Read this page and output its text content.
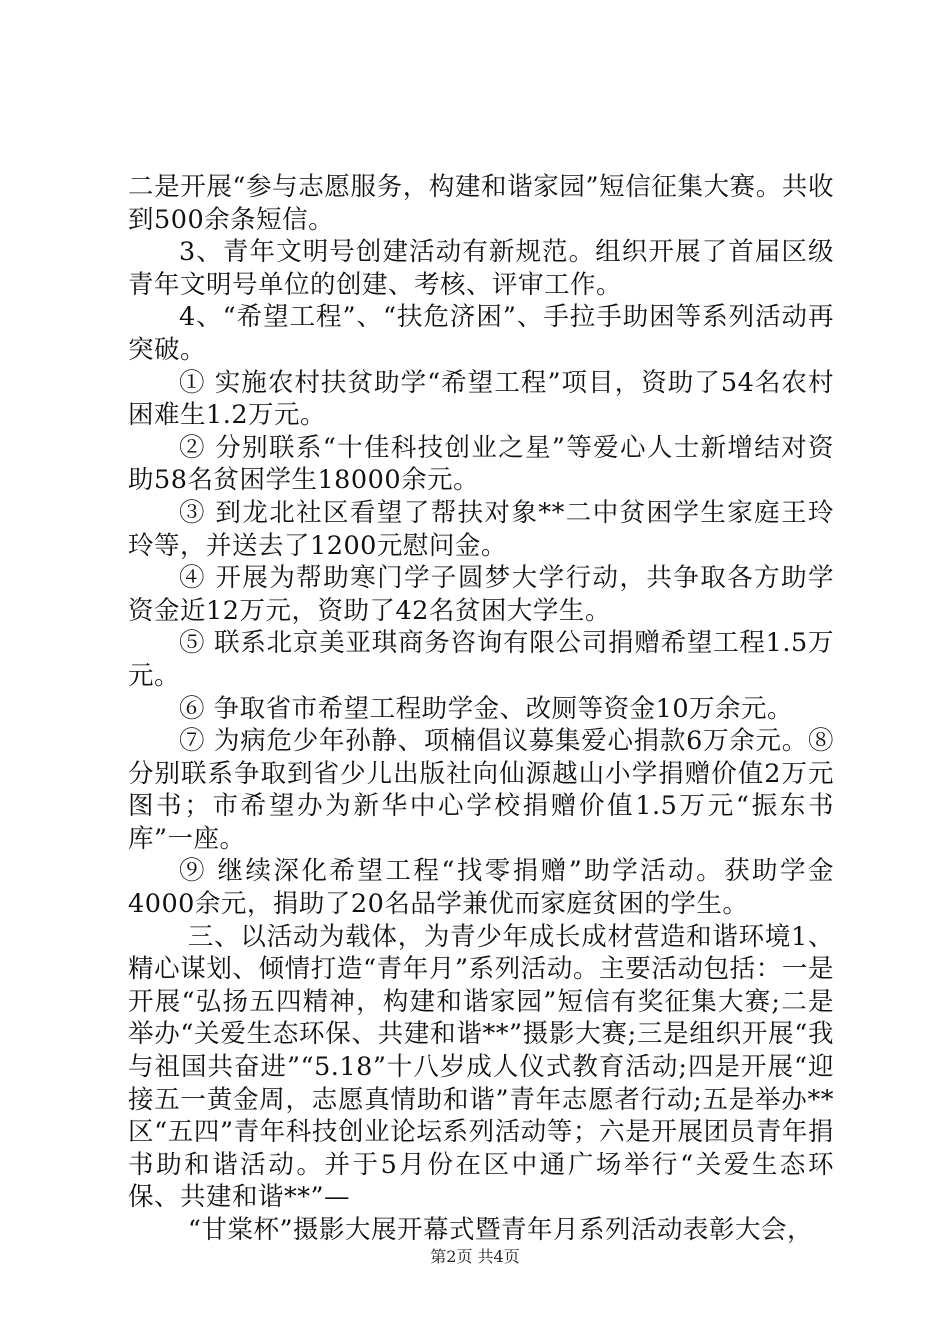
二是开展“参与志愿服务，构建和谐家园”短信征集大赛。共收到500余条短信。

3、青年文明号创建活动有新规范。组织开展了首届区级青年文明号单位的创建、考核、评审工作。

4、“希望工程”、“扶危济困”、手拉手助困等系列活动再突破。

① 实施农村扶贫助学“希望工程”项目，资助了54名农村困难生1.2万元。

② 分别联系“十佳科技创业之星”等爱心人士新增结对资助58名贫困学生18000余元。

③ 到龙北社区看望了帮扶对象**二中贫困学生家庭王玲玲等，并送去了1200元慰问金。

④ 开展为帮助寒门学子圆梦大学行动，共争取各方助学资金近12万元，资助了42名贫困大学生。

⑤ 联系北京美亚琪商务咨询有限公司捐赠希望工程1.5万元。

⑥ 争取省市希望工程助学金、改厕等资金10万余元。

⑦ 为病危少年孙静、项楠倡议募集爱心捐款6万余元。⑧分别联系争取到省少儿出版社向仙源越山小学捐赠价值2万元图书；市希望办为新华中心学校捐赠价值1.5万元“振东书库”一座。

⑨ 继续深化希望工程“找零捐赠”助学活动。获助学金4000余元，捐助了20名品学兼优而家庭贫困的学生。

三、以活动为载体，为青少年成长成材营造和谐环境1、精心谋划、倾情打造“青年月”系列活动。主要活动包括：一是开展“弘扬五四精神，构建和谐家园”短信有奖征集大赛;二是举办“关爱生态环保、共建和谐**”摄影大赛;三是组织开展“我与祖国共奋进”“5.18”十八岁成人仪式教育活动;四是开展“迎接五一黄金周，志愿真情助和谐”青年志愿者行动;五是举办**区“五四”青年科技创业论坛系列活动等；六是开展团员青年捐书助和谐活动。并于5月份在区中通广场举行“关爱生态环保、共建和谐**”—

“甘棠杯”摄影大展开幕式暨青年月系列活动表彰大会，

第2页 共4页
